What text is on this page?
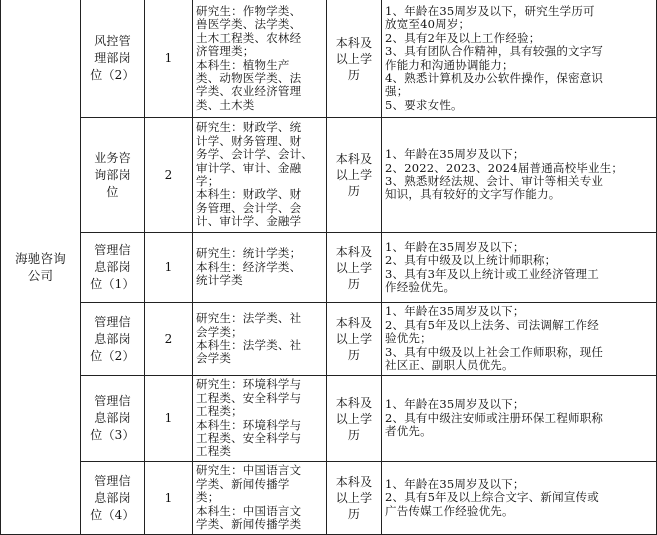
海驰咨询
公司
风控管
理部岗
位（2）
1
研究生：作物学类、
兽医学类、法学类、
土木工程类、农林经
济管理类；
本科生：植物生产
类、动物医学类、法
学类、农业经济管理
类、土木类
本科及
以上学
历
1、年龄在35周岁及以下，研究生学历可
放宽至40周岁；
2、具有2年及以上工作经验；
3、具有团队合作精神，具有较强的文字写
作能力和沟通协调能力；
4、熟悉计算机及办公软件操作，保密意识
强；
5、要求女性。
业务咨
询部岗
位
2
研究生：财政学、统
计学、财务管理、财
务学、会计学、会计、
审计学、审计、金融
学；
本科生：财政学、财
务管理、会计学、会
计、审计学、金融学
本科及
以上学
历
1、年龄在35周岁及以下；
2、2022、2023、2024届普通高校毕业生；
3、熟悉财经法规、会计、审计等相关专业
知识，具有较好的文字写作能力。
管理信
息部岗
位（1）
1
研究生：统计学类；
本科生：经济学类、
统计学类
本科及
以上学
历
1、年龄在35周岁及以下；
2、具有中级及以上统计师职称；
3、具有3年及以上统计或工业经济管理工
作经验优先。
管理信
息部岗
位（2）
2
研究生：法学类、社
会学类；
本科生：法学类、社
会学类
本科及
以上学
历
1、年龄在35周岁及以下；
2、具有5年及以上法务、司法调解工作经
验优先；
3、具有中级及以上社会工作师职称，现任
社区正、副职人员优先。
管理信
息部岗
位（3）
1
研究生：环境科学与
工程类、安全科学与
工程类；
本科生：环境科学与
工程类、安全科学与
工程类
本科及
以上学
历
1、年龄在35周岁及以下；
2、具有中级注安师或注册环保工程师职称
者优先。
管理信
息部岗
位（4）
1
研究生：中国语言文
学类、新闻传播学
类；
本科生：中国语言文
学类、新闻传播学类
本科及
以上学
历
1、年龄在35周岁及以下；
2、具有5年及以上综合文字、新闻宣传或
广告传媒工作经验优先。
